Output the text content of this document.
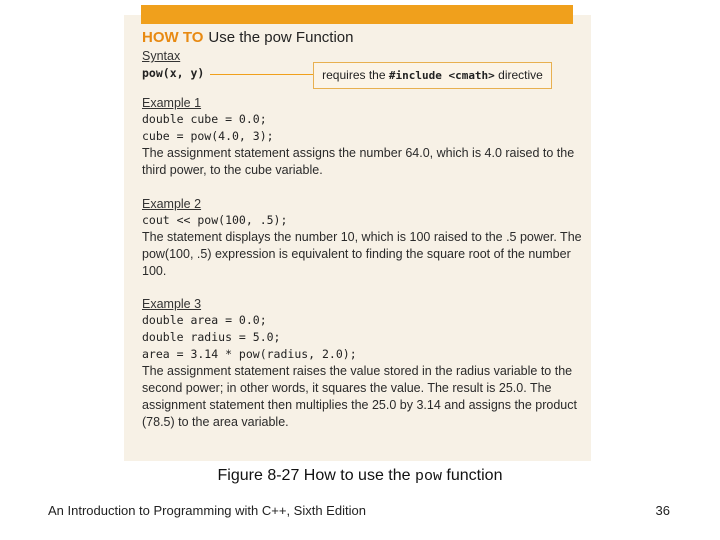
HOW TO Use the pow Function
Syntax
pow(x, y)
Example 1
double cube = 0.0;
cube = pow(4.0, 3);
The assignment statement assigns the number 64.0, which is 4.0 raised to the third power, to the cube variable.
Example 2
cout << pow(100, .5);
The statement displays the number 10, which is 100 raised to the .5 power. The pow(100, .5) expression is equivalent to finding the square root of the number 100.
Example 3
double area = 0.0;
double radius = 5.0;
area = 3.14 * pow(radius, 2.0);
The assignment statement raises the value stored in the radius variable to the second power; in other words, it squares the value. The result is 25.0. The assignment statement then multiplies the 25.0 by 3.14 and assigns the product (78.5) to the area variable.
requires the #include <cmath> directive
Figure 8-27 How to use the pow function
An Introduction to Programming with C++, Sixth Edition	36
